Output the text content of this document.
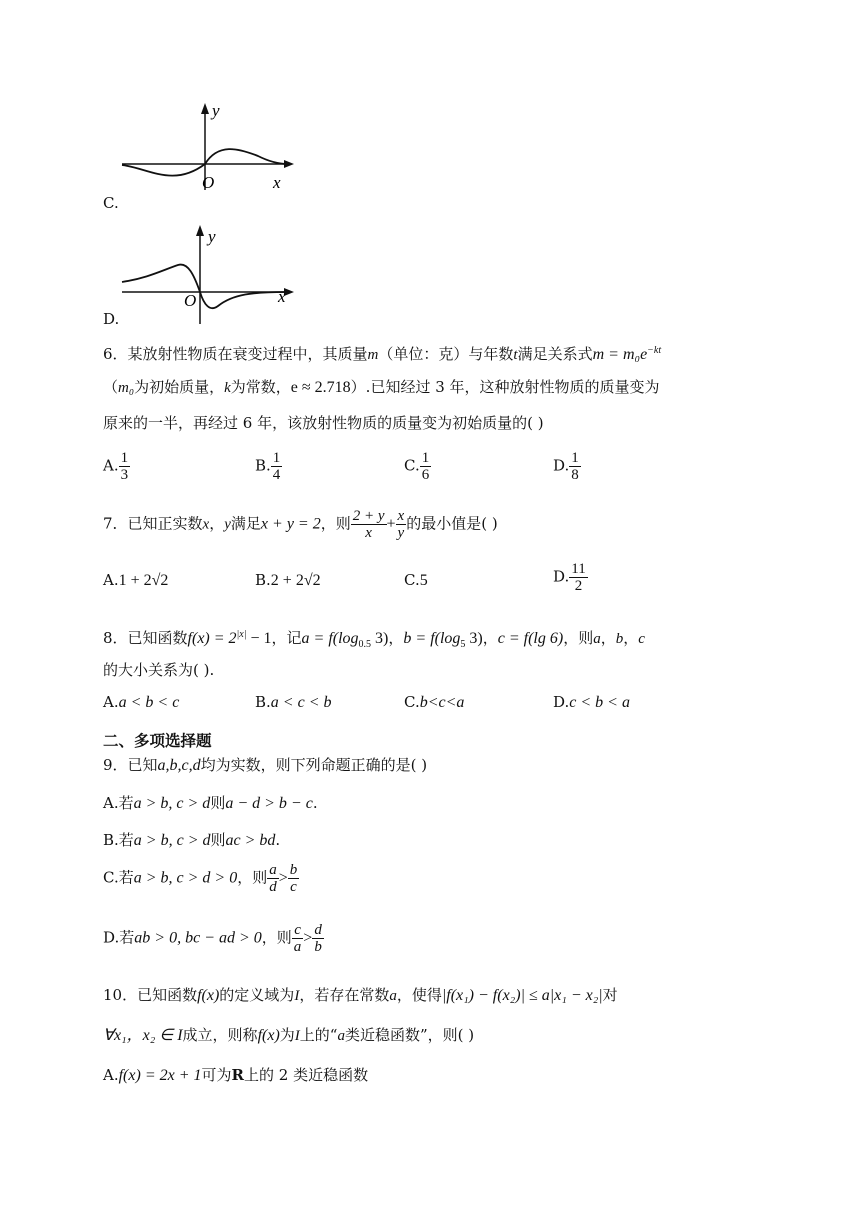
y
x
O
C.
y
x
O
D.
6．某放射性物质在衰变过程中，其质量m（单位：克）与年数t满足关系式$m = m_0e^{-kt}$
（m₀为初始质量，k为常数，e ≈ 2.718）.已知经过 3 年，这种放射性物质的质量变为
原来的一半，再经过 6 年，该放射性物质的质量变为初始质量的( )
A. $\frac{1}{3}$	B. $\frac{1}{4}$	C. $\frac{1}{6}$	D. $\frac{1}{8}$
7．已知正实数x，y满足x + y = 2，则 $\frac{2 + y}{x} + \frac{x}{y}$ 的最小值是( )
A.1 + 2√2	B.2 + 2√2	C.5	D. $\frac{11}{2}$
8．已知函数$f(x) = 2^{|x|} - 1$，记$a = f(\log_{0.5}$ 3)，$b = f(\log_5$ 3)，c = f(lg 6)，则a，b，c
的大小关系为( ).
A.a < b < c	B.a < c < b	C.b<c<a	D.c < b < a
二、多项选择题
9．已知a,b,c,d均为实数，则下列命题正确的是( )
A.若a > b, c > d则a − d > b − c.
B.若a > b, c > d则ac > bd.
C.若a > b, c > d > 0，则 $\frac{a}{d} > \frac{b}{c}$
D.若ab > 0, bc − ad > 0，则 $\frac{c}{a} > \frac{d}{b}$
10．已知函数f(x)的定义域为I，若存在常数a，使得|f(x₁) − f(x₂)| ≤ a|x₁ − x₂|对
∀x₁，x₂ ∈ I成立，则称f(x)为I上的“a类近稳函数”，则( )
A.f(x) = 2x + 1可为R上的 2 类近稳函数
